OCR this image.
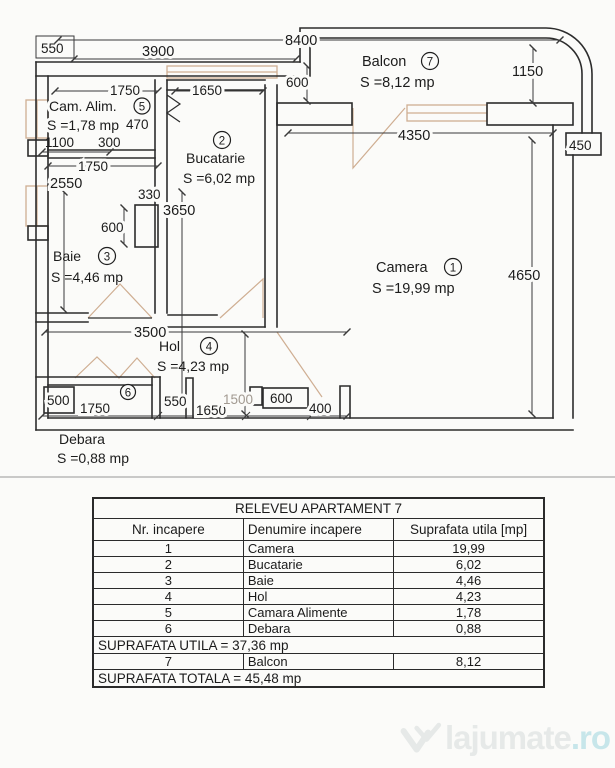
8400
550	3900
1150
600
450
4350
1750	1650
470
1100 300
1750
2550
330
3650
600
4650
3500
500
1750	550
1650
1500 600
400
Camera 1
S =19,99 mp
2
Bucatarie
S =6,02 mp
Baie 3
S =4,46 mp
Hol 4
S =4,23 mp
Cam. Alim. 5
S =1,78 mp
6
Debara
S =0,88 mp
Balcon 7
S =8,12 mp
RELEVEU APARTAMENT 7		
Nr. incapere	Denumire incapere	Suprafata utila [mp]
1	Camera	19,99
2	Bucatarie	6,02
3	Baie	4,46
4	Hol	4,23
5	Camara Alimente	1,78
6	Debara	0,88
SUPRAFATA UTILA = 37,36 mp		
7	Balcon	8,12
SUPRAFATA TOTALA = 45,48 mp		
lajumate .ro
